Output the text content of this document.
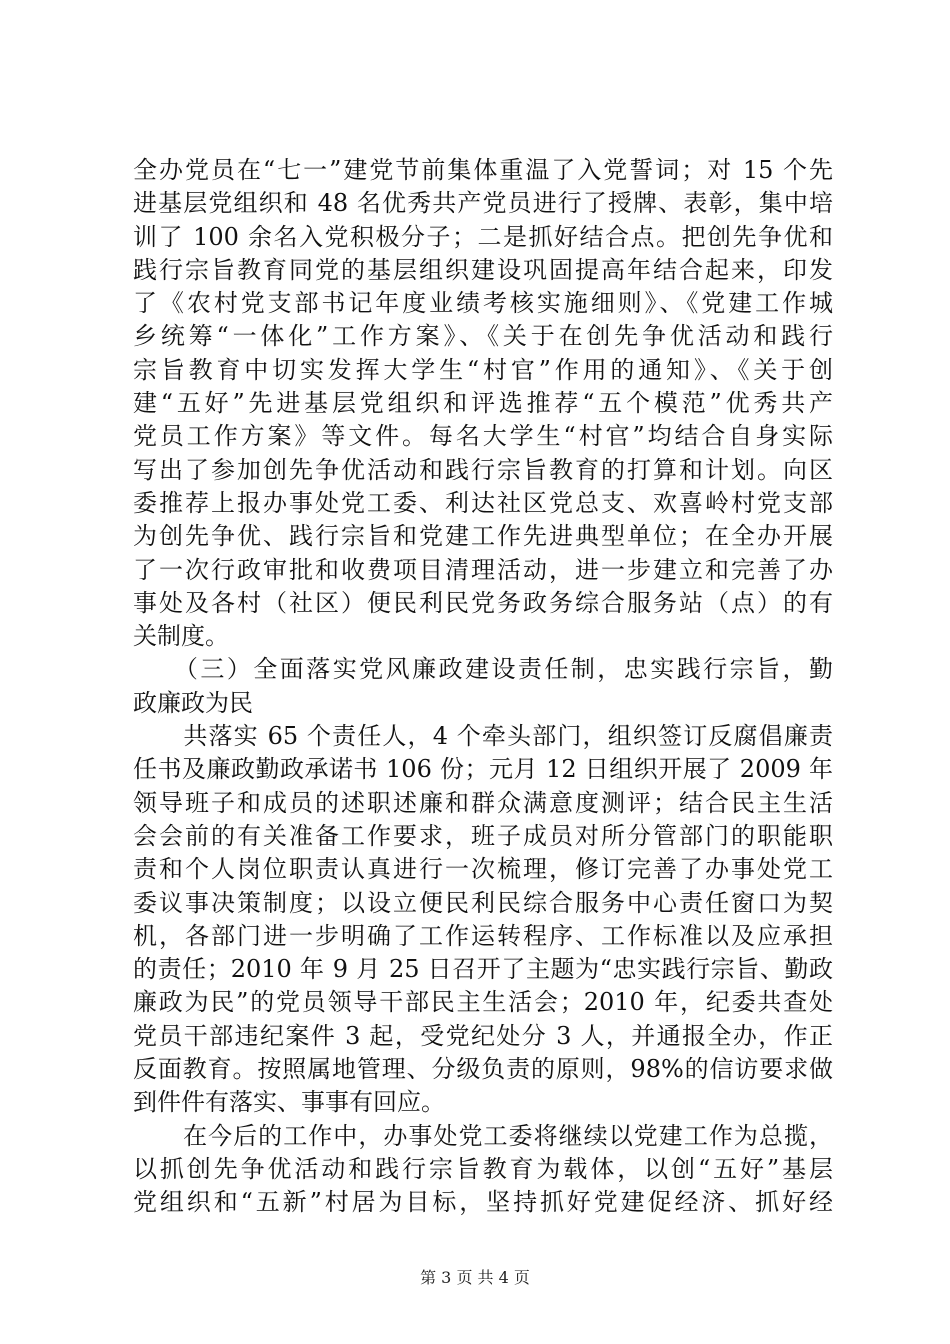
全办党员在“七一”建党节前集体重温了入党誓词；对 15 个先
进基层党组织和 48 名优秀共产党员进行了授牌、表彰，集中培
训了 100 余名入党积极分子；二是抓好结合点。把创先争优和
践行宗旨教育同党的基层组织建设巩固提高年结合起来，印发
了《农村党支部书记年度业绩考核实施细则》、《党建工作城
乡统筹“一体化”工作方案》、《关于在创先争优活动和践行
宗旨教育中切实发挥大学生“村官”作用的通知》、《关于创
建“五好”先进基层党组织和评选推荐“五个模范”优秀共产
党员工作方案》等文件。每名大学生“村官”均结合自身实际
写出了参加创先争优活动和践行宗旨教育的打算和计划。向区
委推荐上报办事处党工委、利达社区党总支、欢喜岭村党支部
为创先争优、践行宗旨和党建工作先进典型单位；在全办开展
了一次行政审批和收费项目清理活动，进一步建立和完善了办
事处及各村（社区）便民利民党务政务综合服务站（点）的有
关制度。
　　（三）全面落实党风廉政建设责任制，忠实践行宗旨，勤
政廉政为民
　　共落实 65 个责任人，4 个牵头部门，组织签订反腐倡廉责
任书及廉政勤政承诺书 106 份；元月 12 日组织开展了 2009 年
领导班子和成员的述职述廉和群众满意度测评；结合民主生活
会会前的有关准备工作要求，班子成员对所分管部门的职能职
责和个人岗位职责认真进行一次梳理，修订完善了办事处党工
委议事决策制度；以设立便民利民综合服务中心责任窗口为契
机，各部门进一步明确了工作运转程序、工作标准以及应承担
的责任；2010 年 9 月 25 日召开了主题为“忠实践行宗旨、勤政
廉政为民”的党员领导干部民主生活会；2010 年，纪委共查处
党员干部违纪案件 3 起，受党纪处分 3 人，并通报全办，作正
反面教育。按照属地管理、分级负责的原则，98%的信访要求做
到件件有落实、事事有回应。
　　在今后的工作中，办事处党工委将继续以党建工作为总揽，
以抓创先争优活动和践行宗旨教育为载体，以创“五好”基层
党组织和“五新”村居为目标，坚持抓好党建促经济、抓好经
第 3 页 共 4 页
